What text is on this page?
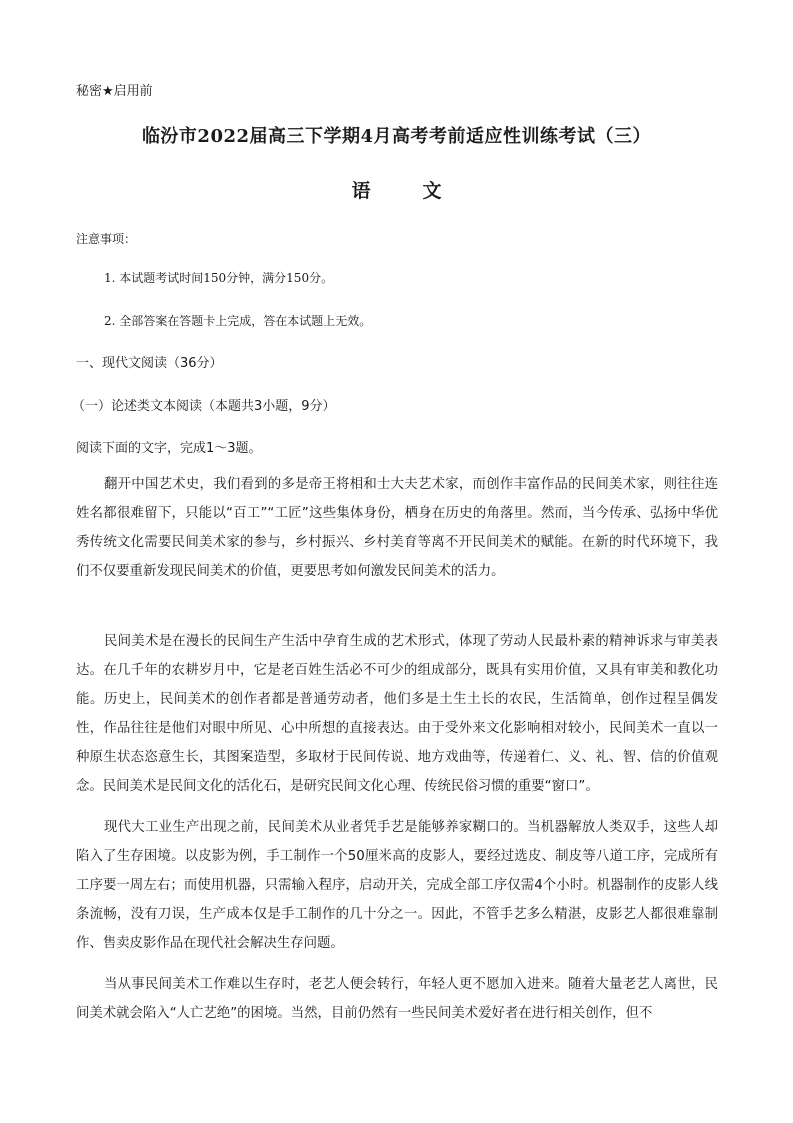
秘密★启用前
临汾市2022届高三下学期4月高考考前适应性训练考试（三）
语	文
注意事项：
1. 本试题考试时间150分钟，满分150分。
2. 全部答案在答题卡上完成，答在本试题上无效。
一、现代文阅读（36分）
（一）论述类文本阅读（本题共3小题，9分）
阅读下面的文字，完成1～3题。

翻开中国艺术史，我们看到的多是帝王将相和士大夫艺术家，而创作丰富作品的民间美术家，则往往连姓名都很难留下，只能以“百工”“工匠”这些集体身份，栖身在历史的角落里。然而，当今传承、弘扬中华优秀传统文化需要民间美术家的参与，乡村振兴、乡村美育等离不开民间美术的赋能。在新的时代环境下，我们不仅要重新发现民间美术的价值，更要思考如何激发民间美术的活力。

民间美术是在漫长的民间生产生活中孕育生成的艺术形式，体现了劳动人民最朴素的精神诉求与审美表达。在几千年的农耕岁月中，它是老百姓生活必不可少的组成部分，既具有实用价值，又具有审美和教化功能。历史上，民间美术的创作者都是普通劳动者，他们多是土生土长的农民，生活简单，创作过程呈偶发性，作品往往是他们对眼中所见、心中所想的直接表达。由于受外来文化影响相对较小，民间美术一直以一种原生状态恣意生长，其图案造型，多取材于民间传说、地方戏曲等，传递着仁、义、礼、智、信的价值观念。民间美术是民间文化的活化石，是研究民间文化心理、传统民俗习惯的重要“窗口”。

现代大工业生产出现之前，民间美术从业者凭手艺是能够养家糊口的。当机器解放人类双手，这些人却陷入了生存困境。以皮影为例，手工制作一个50厘米高的皮影人，要经过选皮、制皮等八道工序，完成所有工序要一周左右；而使用机器，只需输入程序，启动开关，完成全部工序仅需4个小时。机器制作的皮影人线条流畅，没有刀误，生产成本仅是手工制作的几十分之一。因此，不管手艺多么精湛，皮影艺人都很难靠制作、售卖皮影作品在现代社会解决生存问题。

当从事民间美术工作难以生存时，老艺人便会转行，年轻人更不愿加入进来。随着大量老艺人离世，民间美术就会陷入“人亡艺绝”的困境。当然，目前仍然有一些民间美术爱好者在进行相关创作，但不
